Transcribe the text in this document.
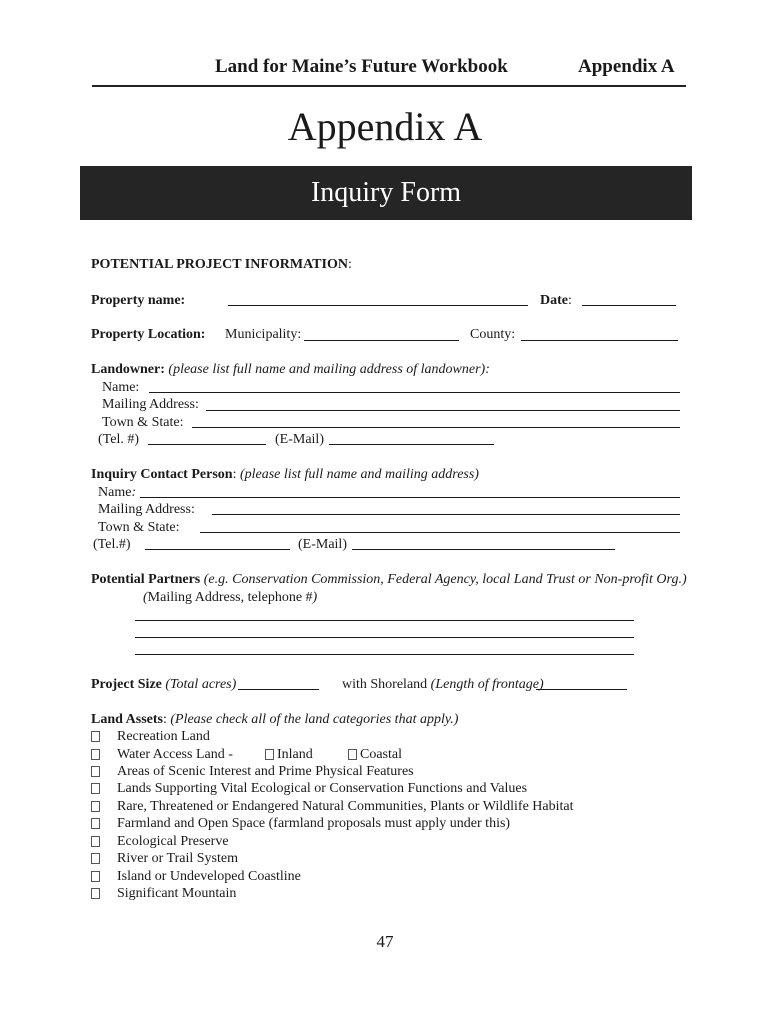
Land for Maine’s Future Workbook	Appendix A
Appendix A
Inquiry Form
POTENTIAL PROJECT INFORMATION:
Property name:	Date:
Property Location: Municipality:	County:
Landowner: (please list full name and mailing address of landowner):
Name:
Mailing Address:
Town & State:
(Tel. #)	(E-Mail)
Inquiry Contact Person: (please list full name and mailing address)
Name:
Mailing Address:
Town & State:
(Tel.#)	(E-Mail)
Potential Partners (e.g. Conservation Commission, Federal Agency, local Land Trust or Non-profit Org.)
(Mailing Address, telephone #)
Project Size (Total acres)	with Shoreland (Length of frontage)
Land Assets: (Please check all of the land categories that apply.)
Recreation Land
Water Access Land -	Inland	Coastal
Areas of Scenic Interest and Prime Physical Features
Lands Supporting Vital Ecological or Conservation Functions and Values
Rare, Threatened or Endangered Natural Communities, Plants or Wildlife Habitat
Farmland and Open Space (farmland proposals must apply under this)
Ecological Preserve
River or Trail System
Island or Undeveloped Coastline
Significant Mountain
47
